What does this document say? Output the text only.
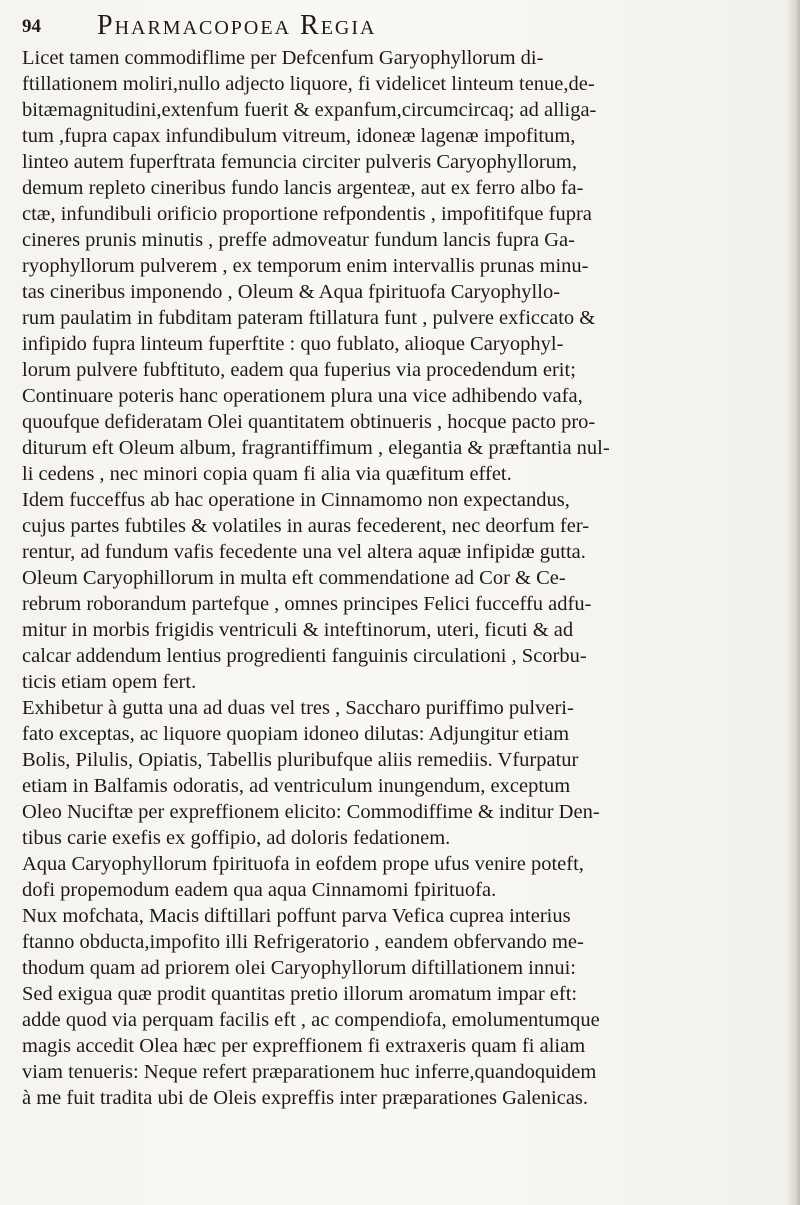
94 Pharmacopoea Regia
Licet tamen commodiflime per Defcenfum Garyophyllorum di-
ftillationem moliri,nullo adjecto liquore, fi videlicet linteum tenue,de-
bitæmagnitudini,extenfum fuerit & expanfum,circumcircaq; ad alliga-
tum ,fupra capax infundibulum vitreum, idoneæ lagenæ impofitum,
linteo autem fuperftrata femuncia circiter pulveris Caryophyllorum,
demum repleto cineribus fundo lancis argenteæ, aut ex ferro albo fa-
ctæ, infundibuli orificio proportione refpondentis , impofitifque fupra
cineres prunis minutis , preffe admoveatur fundum lancis fupra Ga-
ryophyllorum pulverem , ex temporum enim intervallis prunas minu-
tas cineribus imponendo , Oleum & Aqua fpirituofa Caryophyllo-
rum paulatim in fubditam pateram ftillatura funt , pulvere exficcato &
infipido fupra linteum fuperftite : quo fublato, alioque Caryophyl-
lorum pulvere fubftituto, eadem qua fuperius via procedendum erit;
Continuare poteris hanc operationem plura una vice adhibendo vafa,
quoufque defideratam Olei quantitatem obtinueris , hocque pacto pro-
diturum eft Oleum album, fragrantiffimum , elegantia & præftantia nul-
li cedens , nec minori copia quam fi alia via quæfitum effet.
Idem fucceffus ab hac operatione in Cinnamomo non expectandus,
cujus partes fubtiles & volatiles in auras fecederent, nec deorfum fer-
rentur, ad fundum vafis fecedente una vel altera aquæ infipidæ gutta.
Oleum Caryophillorum in multa eft commendatione ad Cor & Ce-
rebrum roborandum partefque , omnes principes Felici fucceffu adfu-
mitur in morbis frigidis ventriculi & inteftinorum, uteri, ficuti & ad
calcar addendum lentius progredienti fanguinis circulationi , Scorbu-
ticis etiam opem fert.
Exhibetur à gutta una ad duas vel tres , Saccharo puriffimo pulveri-
fato exceptas, ac liquore quopiam idoneo dilutas: Adjungitur etiam
Bolis, Pilulis, Opiatis, Tabellis pluribufque aliis remediis. Vfurpatur
etiam in Balfamis odoratis, ad ventriculum inungendum, exceptum
Oleo Nuciftæ per expreffionem elicito: Commodiffime & inditur Den-
tibus carie exefis ex goffipio, ad doloris fedationem.
Aqua Caryophyllorum fpirituofa in eofdem prope ufus venire poteft,
dofi propemodum eadem qua aqua Cinnamomi fpirituofa.
Nux mofchata, Macis diftillari poffunt parva Vefica cuprea interius
ftanno obducta,impofito illi Refrigeratorio , eandem obfervando me-
thodum quam ad priorem olei Caryophyllorum diftillationem innui:
Sed exigua quæ prodit quantitas pretio illorum aromatum impar eft:
adde quod via perquam facilis eft , ac compendiofa, emolumentumque
magis accedit Olea hæc per expreffionem fi extraxeris quam fi aliam
viam tenueris: Neque refert præparationem huc inferre,quandoquidem
à me fuit tradita ubi de Oleis expreffis inter præparationes Galenicas.
